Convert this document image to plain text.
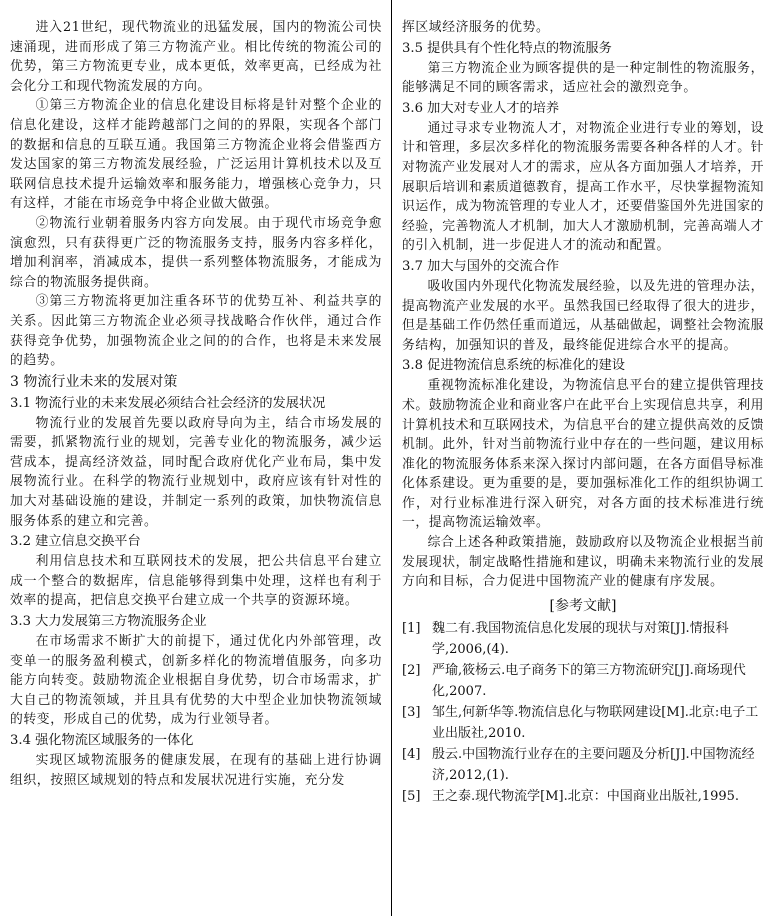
进入21世纪，现代物流业的迅猛发展，国内的物流公司快速涌现，进而形成了第三方物流产业。相比传统的物流公司的优势，第三方物流更专业，成本更低，效率更高，已经成为社会化分工和现代物流发展的方向。

①第三方物流企业的信息化建设目标将是针对整个企业的信息化建设，这样才能跨越部门之间的的界限，实现各个部门的数据和信息的互联互通。我国第三方物流企业将会借鉴西方发达国家的第三方物流发展经验，广泛运用计算机技术以及互联网信息技术提升运输效率和服务能力，增强核心竞争力，只有这样，才能在市场竞争中将企业做大做强。

②物流行业朝着服务内容方向发展。由于现代市场竞争愈演愈烈，只有获得更广泛的物流服务支持，服务内容多样化，增加利润率，消减成本，提供一系列整体物流服务，才能成为综合的物流服务提供商。

③第三方物流将更加注重各环节的优势互补、利益共享的关系。因此第三方物流企业必须寻找战略合作伙伴，通过合作获得竞争优势，加强物流企业之间的的合作，也将是未来发展的趋势。

3 物流行业未来的发展对策
3.1 物流行业的未来发展必须结合社会经济的发展状况

物流行业的发展首先要以政府导向为主，结合市场发展的需要，抓紧物流行业的规划，完善专业化的物流服务，减少运营成本，提高经济效益，同时配合政府优化产业布局，集中发展物流行业。在科学的物流行业规划中，政府应该有针对性的加大对基础设施的建设，并制定一系列的政策，加快物流信息服务体系的建立和完善。

3.2 建立信息交换平台

利用信息技术和互联网技术的发展，把公共信息平台建立成一个整合的数据库，信息能够得到集中处理，这样也有利于效率的提高，把信息交换平台建立成一个共享的资源环境。

3.3 大力发展第三方物流服务企业

在市场需求不断扩大的前提下，通过优化内外部管理，改变单一的服务盈利模式，创新多样化的物流增值服务，向多功能方向转变。鼓励物流企业根据自身优势，切合市场需求，扩大自己的物流领域，并且具有优势的大中型企业加快物流领域的转变，形成自己的优势，成为行业领导者。

3.4 强化物流区域服务的一体化

实现区域物流服务的健康发展，在现有的基础上进行协调组织，按照区域规划的特点和发展状况进行实施，充分发

挥区域经济服务的优势。

3.5 提供具有个性化特点的物流服务

第三方物流企业为顾客提供的是一种定制性的物流服务，能够满足不同的顾客需求，适应社会的激烈竞争。

3.6 加大对专业人才的培养

通过寻求专业物流人才，对物流企业进行专业的筹划，设计和管理，多层次多样化的物流服务需要各种各样的人才。针对物流产业发展对人才的需求，应从各方面加强人才培养，开展职后培训和素质道德教育，提高工作水平，尽快掌握物流知识运作，成为物流管理的专业人才，还要借鉴国外先进国家的经验，完善物流人才机制，加大人才激励机制，完善高端人才的引入机制，进一步促进人才的流动和配置。

3.7 加大与国外的交流合作

吸收国内外现代化物流发展经验，以及先进的管理办法，提高物流产业发展的水平。虽然我国已经取得了很大的进步，但是基础工作仍然任重而道远，从基础做起，调整社会物流服务结构，加强知识的普及，最终能促进综合水平的提高。

3.8 促进物流信息系统的标准化的建设

重视物流标准化建设，为物流信息平台的建立提供管理技术。鼓励物流企业和商业客户在此平台上实现信息共享，利用计算机技术和互联网技术，为信息平台的建立提供高效的反馈机制。此外，针对当前物流行业中存在的一些问题，建议用标准化的物流服务体系来深入探讨内部问题，在各方面倡导标准化体系建设。更为重要的是，要加强标准化工作的组织协调工作，对行业标准进行深入研究，对各方面的技术标准进行统一，提高物流运输效率。

综合上述各种政策措施，鼓励政府以及物流企业根据当前发展现状，制定战略性措施和建议，明确未来物流行业的发展方向和目标，合力促进中国物流产业的健康有序发展。

[参考文献]
[1] 魏二有.我国物流信息化发展的现状与对策[J].情报科学,2006,(4).
[2] 严瑜,筱杨云.电子商务下的第三方物流研究[J].商场现代化,2007.
[3] 邹生,何新华等.物流信息化与物联网建设[M].北京:电子工业出版社,2010.
[4] 殷云.中国物流行业存在的主要问题及分析[J].中国物流经济,2012,(1).
[5] 王之泰.现代物流学[M].北京：中国商业出版社,1995.
